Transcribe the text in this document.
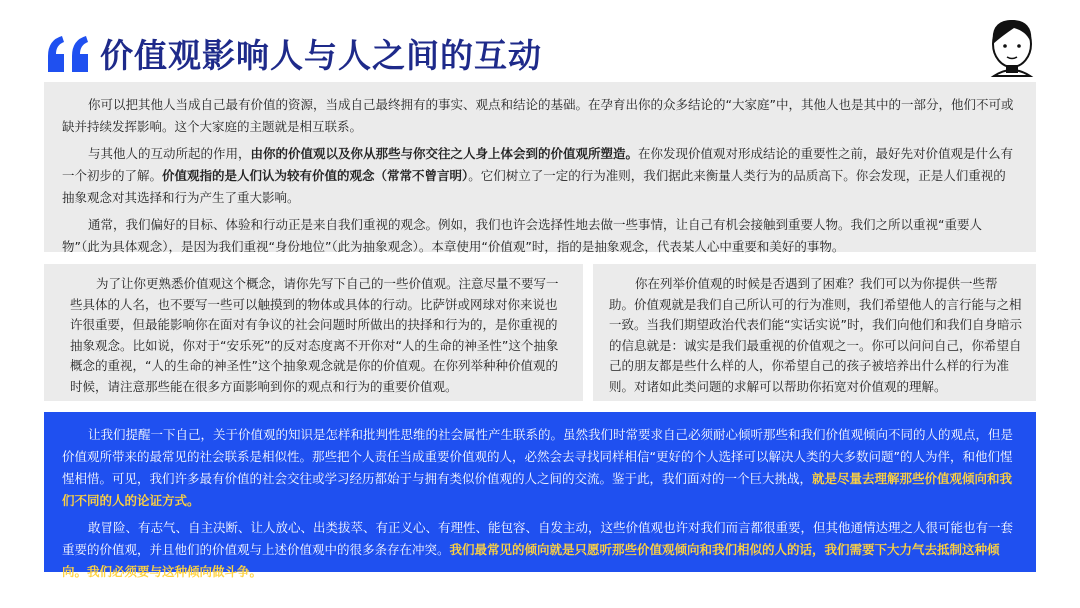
价值观影响人与人之间的互动

你可以把其他人当成自己最有价值的资源，当成自己最终拥有的事实、观点和结论的基础。在孕育出你的众多结论的“大家庭”中，其他人也是其中的一部分，他们不可或缺并持续发挥影响。这个大家庭的主题就是相互联系。

与其他人的互动所起的作用，由你的价值观以及你从那些与你交往之人身上体会到的价值观所塑造。在你发现价值观对形成结论的重要性之前，最好先对价值观是什么有一个初步的了解。价值观指的是人们认为较有价值的观念（常常不曾言明）。它们树立了一定的行为准则，我们据此来衡量人类行为的品质高下。你会发现，正是人们重视的抽象观念对其选择和行为产生了重大影响。

通常，我们偏好的目标、体验和行动正是来自我们重视的观念。例如，我们也许会选择性地去做一些事情，让自己有机会接触到重要人物。我们之所以重视“重要人物”（此为具体观念），是因为我们重视“身份地位”（此为抽象观念）。本章使用“价值观”时，指的是抽象观念，代表某人心中重要和美好的事物。

为了让你更熟悉价值观这个概念，请你先写下自己的一些价值观。注意尽量不要写一些具体的人名，也不要写一些可以触摸到的物体或具体的行动。比萨饼或网球对你来说也许很重要，但最能影响你在面对有争议的社会问题时所做出的抉择和行为的，是你重视的抽象观念。比如说，你对于“安乐死”的反对态度离不开你对“人的生命的神圣性”这个抽象概念的重视，“人的生命的神圣性”这个抽象观念就是你的价值观。在你列举种种价值观的时候，请注意那些能在很多方面影响到你的观点和行为的重要价值观。

你在列举价值观的时候是否遇到了困难？我们可以为你提供一些帮助。价值观就是我们自己所认可的行为准则，我们希望他人的言行能与之相一致。当我们期望政治代表们能“实话实说”时，我们向他们和我们自身暗示的信息就是：诚实是我们最重视的价值观之一。你可以问问自己，你希望自己的朋友都是些什么样的人，你希望自己的孩子被培养出什么样的行为准则。对诸如此类问题的求解可以帮助你拓宽对价值观的理解。

让我们提醒一下自己，关于价值观的知识是怎样和批判性思维的社会属性产生联系的。虽然我们时常要求自己必须耐心倾听那些和我们价值观倾向不同的人的观点，但是价值观所带来的最常见的社会联系是相似性。那些把个人责任当成重要价值观的人，必然会去寻找同样相信“更好的个人选择可以解决人类的大多数问题”的人为伴，和他们惺惺相惜。可见，我们许多最有价值的社会交往或学习经历都始于与拥有类似价值观的人之间的交流。鉴于此，我们面对的一个巨大挑战，就是尽量去理解那些价值观倾向和我们不同的人的论证方式。

敢冒险、有志气、自主决断、让人放心、出类拔萃、有正义心、有理性、能包容、自发主动，这些价值观也许对我们而言都很重要，但其他通情达理之人很可能也有一套重要的价值观，并且他们的价值观与上述价值观中的很多条存在冲突。我们最常见的倾向就是只愿听那些价值观倾向和我们相似的人的话，我们需要下大力气去抵制这种倾向。我们必须要与这种倾向做斗争。
